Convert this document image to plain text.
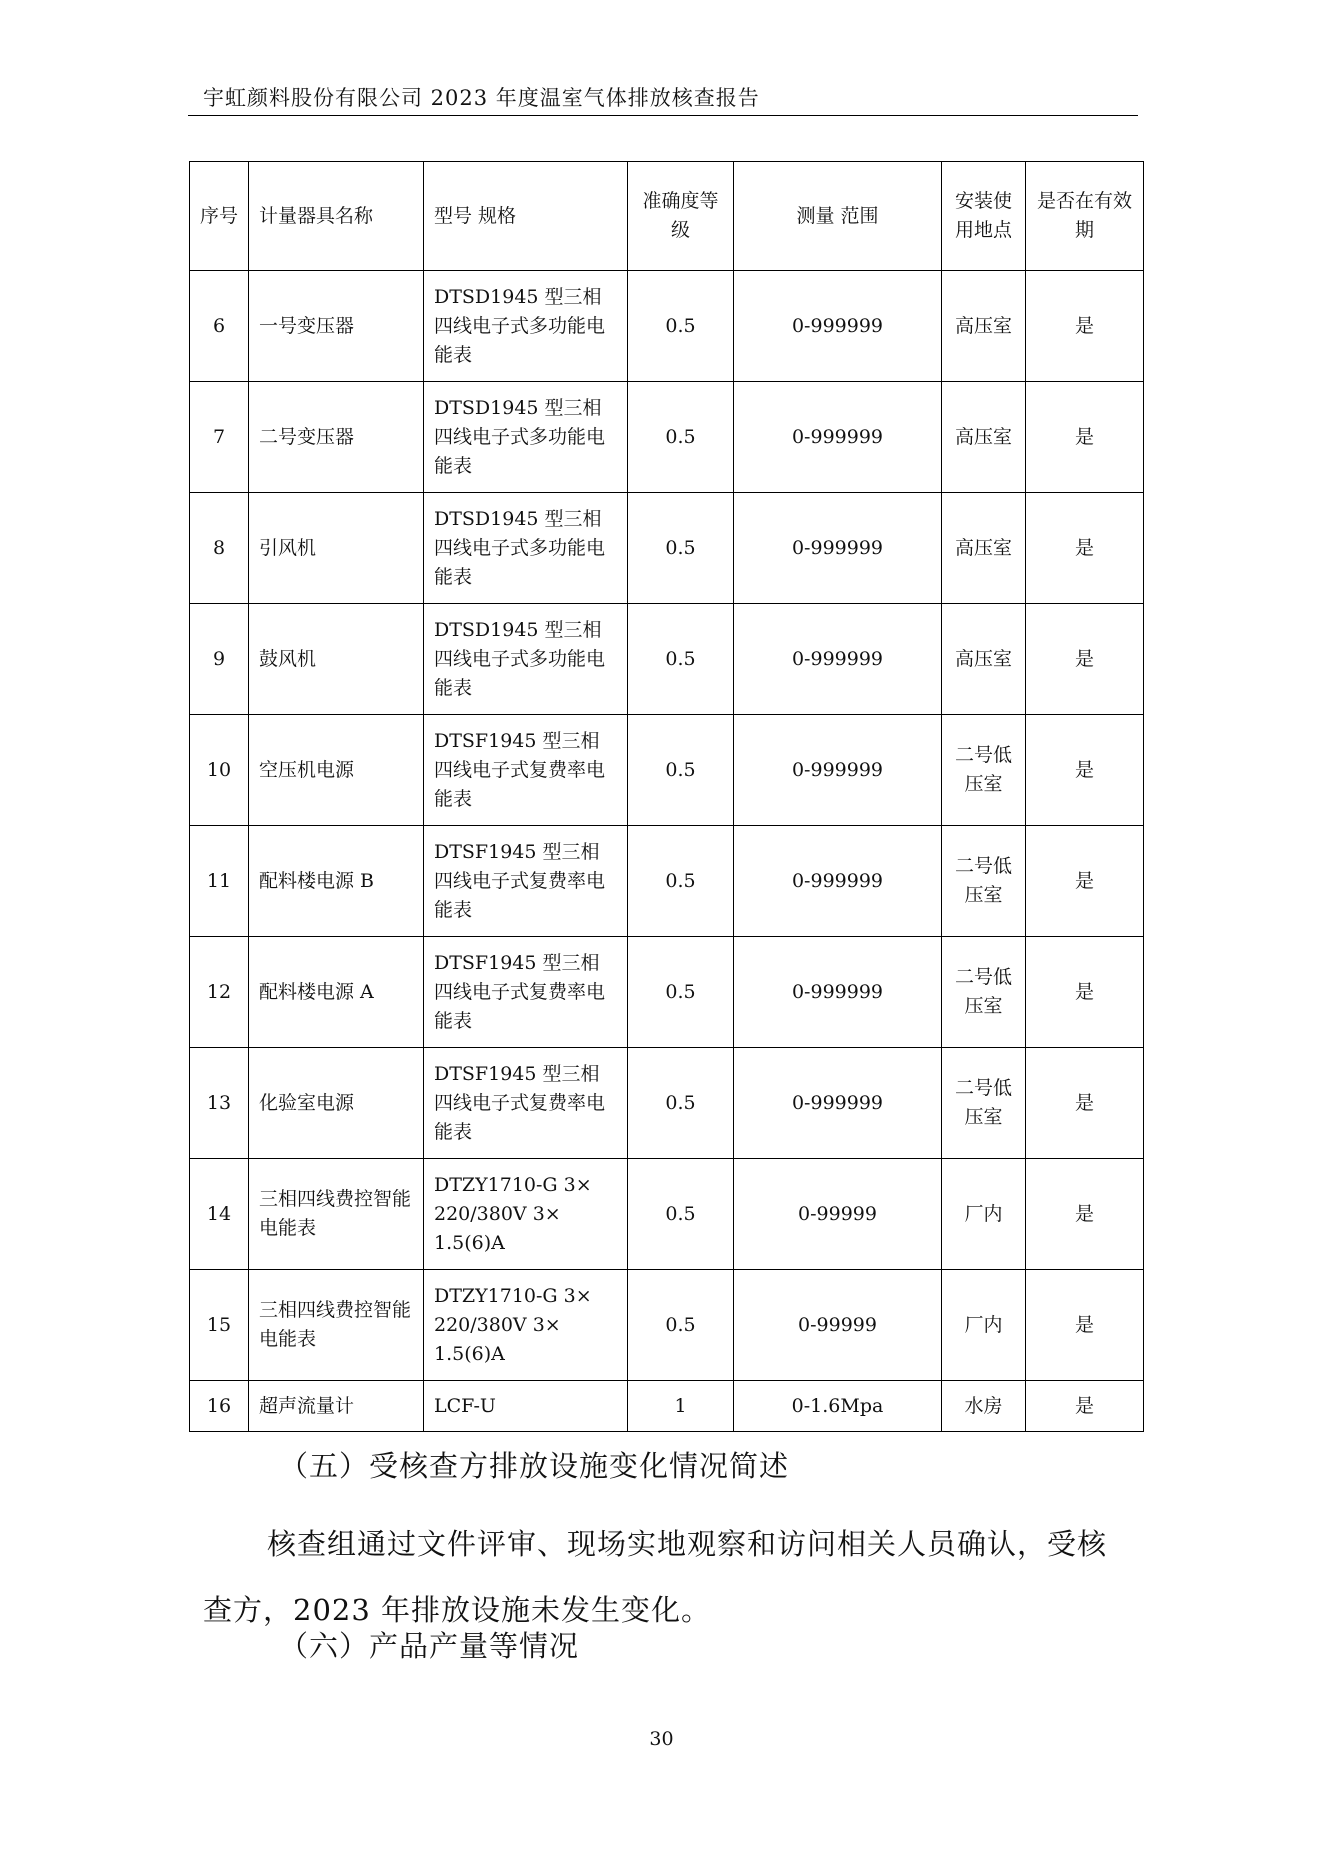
宇虹颜料股份有限公司 2023 年度温室气体排放核查报告
序号	计量器具名称	型号 规格	准确度等级	测量 范围	安装使用地点	是否在有效期
6	一号变压器	DTSD1945 型三相四线电子式多功能电能表	0.5	0-999999	高压室	是
7	二号变压器	DTSD1945 型三相四线电子式多功能电能表	0.5	0-999999	高压室	是
8	引风机	DTSD1945 型三相四线电子式多功能电能表	0.5	0-999999	高压室	是
9	鼓风机	DTSD1945 型三相四线电子式多功能电能表	0.5	0-999999	高压室	是
10	空压机电源	DTSF1945 型三相四线电子式复费率电能表	0.5	0-999999	二号低压室	是
11	配料楼电源 B	DTSF1945 型三相四线电子式复费率电能表	0.5	0-999999	二号低压室	是
12	配料楼电源 A	DTSF1945 型三相四线电子式复费率电能表	0.5	0-999999	二号低压室	是
13	化验室电源	DTSF1945 型三相四线电子式复费率电能表	0.5	0-999999	二号低压室	是
14	三相四线费控智能电能表	DTZY1710-G 3× 220/380V 3× 1.5(6)A	0.5	0-99999	厂内	是
15	三相四线费控智能电能表	DTZY1710-G 3× 220/380V 3× 1.5(6)A	0.5	0-99999	厂内	是
16	超声流量计	LCF-U	1	0-1.6Mpa	水房	是
（五）受核查方排放设施变化情况简述
核查组通过文件评审、现场实地观察和访问相关人员确认，受核查方，2023 年排放设施未发生变化。
（六）产品产量等情况
30
